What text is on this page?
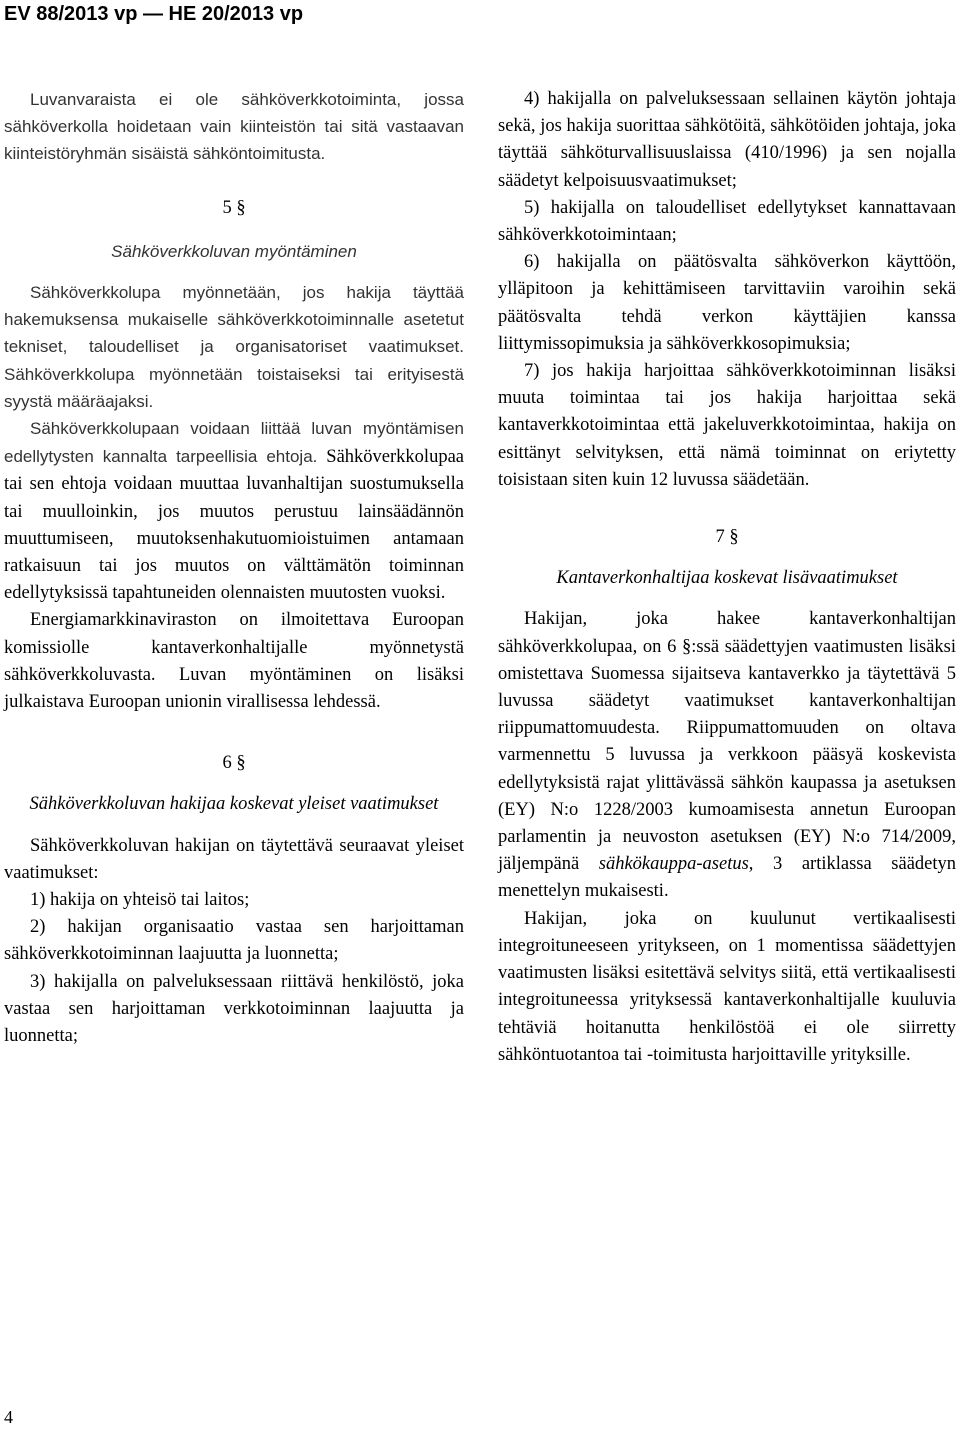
EV 88/2013 vp — HE 20/2013 vp

Luvanvaraista ei ole sähköverkkotoiminta, jossa sähköverkolla hoidetaan vain kiinteistön tai sitä vastaavan kiinteistöryhmän sisäistä sähköntoimitusta.

5 §

Sähköverkkoluvan myöntäminen

Sähköverkkolupa myönnetään, jos hakija täyttää hakemuksensa mukaiselle sähköverkkotoiminnalle asetetut tekniset, taloudelliset ja organisatoriset vaatimukset. Sähköverkkolupa myönnetään toistaiseksi tai erityisestä syystä määräajaksi.

Sähköverkkolupaan voidaan liittää luvan myöntämisen edellytysten kannalta tarpeellisia ehtoja. Sähköverkkolupaa tai sen ehtoja voidaan muuttaa luvanhaltijan suostumuksella tai muulloinkin, jos muutos perustuu lainsäädännön muuttumiseen, muutoksenhakutuomioistuimen antamaan ratkaisuun tai jos muutos on välttämätön toiminnan edellytyksissä tapahtuneiden olennaisten muutosten vuoksi.

Energiamarkkinaviraston on ilmoitettava Euroopan komissiolle kantaverkonhaltijalle myönnetystä sähköverkkoluvasta. Luvan myöntäminen on lisäksi julkaistava Euroopan unionin virallisessa lehdessä.

6 §

Sähköverkkoluvan hakijaa koskevat yleiset vaatimukset

Sähköverkkoluvan hakijan on täytettävä seuraavat yleiset vaatimukset:

1) hakija on yhteisö tai laitos;

2) hakijan organisaatio vastaa sen harjoittaman sähköverkkotoiminnan laajuutta ja luonnetta;

3) hakijalla on palveluksessaan riittävä henkilöstö, joka vastaa sen harjoittaman verkkotoiminnan laajuutta ja luonnetta;

4) hakijalla on palveluksessaan sellainen käytön johtaja sekä, jos hakija suorittaa sähkötöitä, sähkötöiden johtaja, joka täyttää sähköturvallisuuslaissa (410/1996) ja sen nojalla säädetyt kelpoisuusvaatimukset;

5) hakijalla on taloudelliset edellytykset kannattavaan sähköverkkotoimintaan;

6) hakijalla on päätösvalta sähköverkon käyttöön, ylläpitoon ja kehittämiseen tarvittaviin varoihin sekä päätösvalta tehdä verkon käyttäjien kanssa liittymissopimuksia ja sähköverkkosopimuksia;

7) jos hakija harjoittaa sähköverkkotoiminnan lisäksi muuta toimintaa tai jos hakija harjoittaa sekä kantaverkkotoimintaa että jakeluverkkotoimintaa, hakija on esittänyt selvityksen, että nämä toiminnat on eriytetty toisistaan siten kuin 12 luvussa säädetään.

7 §

Kantaverkonhaltijaa koskevat lisävaatimukset

Hakijan, joka hakee kantaverkonhaltijan sähköverkkolupaa, on 6 §:ssä säädettyjen vaatimusten lisäksi omistettava Suomessa sijaitseva kantaverkko ja täytettävä 5 luvussa säädetyt vaatimukset kantaverkonhaltijan riippumattomuudesta. Riippumattomuuden on oltava varmennettu 5 luvussa ja verkkoon pääsyä koskevista edellytyksistä rajat ylittävässä sähkön kaupassa ja asetuksen (EY) N:o 1228/2003 kumoamisesta annetun Euroopan parlamentin ja neuvoston asetuksen (EY) N:o 714/2009, jäljempänä sähkökauppa-asetus, 3 artiklassa säädetyn menettelyn mukaisesti.

Hakijan, joka on kuulunut vertikaalisesti integroituneeseen yritykseen, on 1 momentissa säädettyjen vaatimusten lisäksi esitettävä selvitys siitä, että vertikaalisesti integroituneessa yrityksessä kantaverkonhaltijalle kuuluvia tehtäviä hoitanutta henkilöstöä ei ole siirretty sähköntuotantoa tai -toimitusta harjoittaville yrityksille.

4
